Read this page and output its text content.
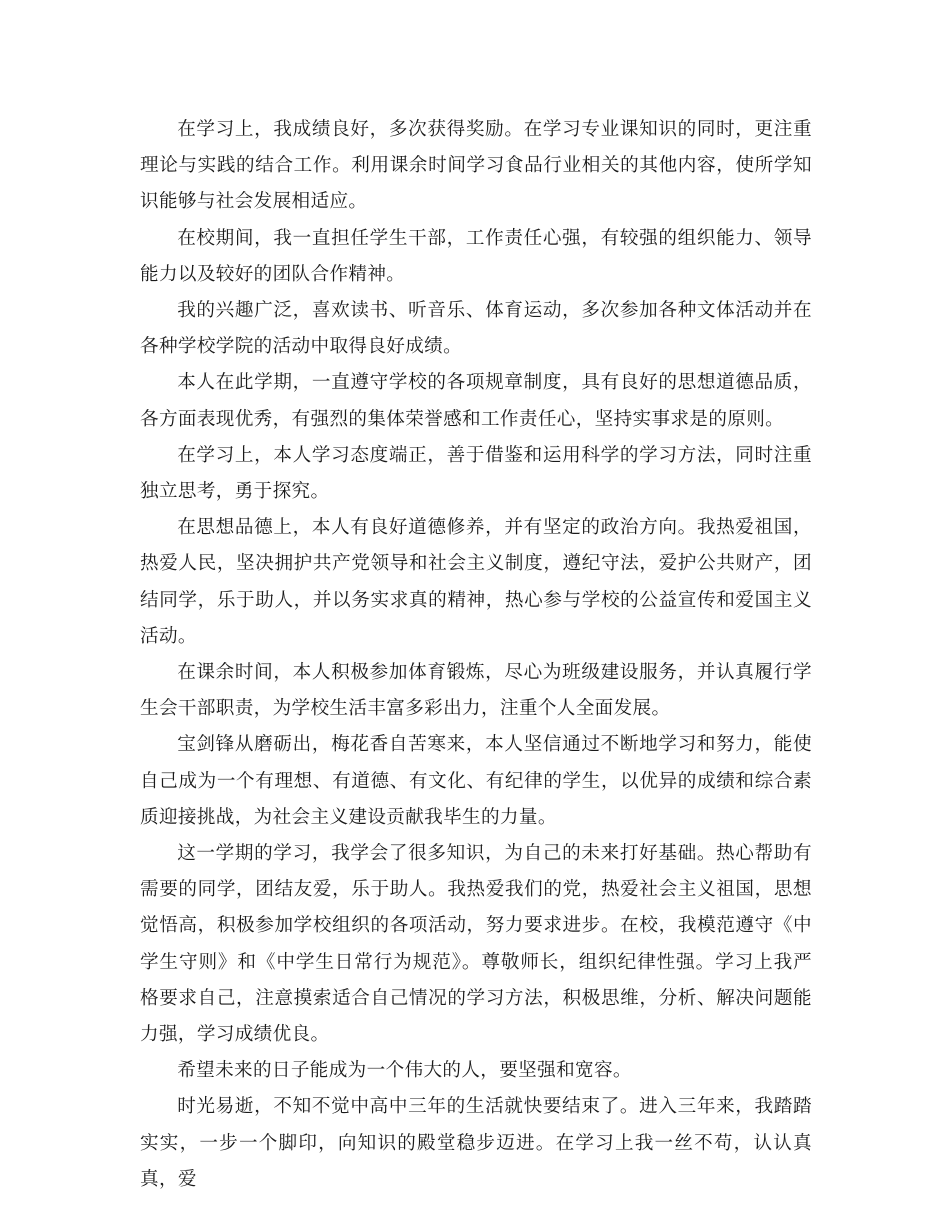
在学习上，我成绩良好，多次获得奖励。在学习专业课知识的同时，更注重理论与实践的结合工作。利用课余时间学习食品行业相关的其他内容，使所学知识能够与社会发展相适应。

在校期间，我一直担任学生干部，工作责任心强，有较强的组织能力、领导能力以及较好的团队合作精神。

我的兴趣广泛，喜欢读书、听音乐、体育运动，多次参加各种文体活动并在各种学校学院的活动中取得良好成绩。

本人在此学期，一直遵守学校的各项规章制度，具有良好的思想道德品质，各方面表现优秀，有强烈的集体荣誉感和工作责任心，坚持实事求是的原则。

在学习上，本人学习态度端正，善于借鉴和运用科学的学习方法，同时注重独立思考，勇于探究。

在思想品德上，本人有良好道德修养，并有坚定的政治方向。我热爱祖国，热爱人民，坚决拥护共产党领导和社会主义制度，遵纪守法，爱护公共财产，团结同学，乐于助人，并以务实求真的精神，热心参与学校的公益宣传和爱国主义活动。

在课余时间，本人积极参加体育锻炼，尽心为班级建设服务，并认真履行学生会干部职责，为学校生活丰富多彩出力，注重个人全面发展。

宝剑锋从磨砺出，梅花香自苦寒来，本人坚信通过不断地学习和努力，能使自己成为一个有理想、有道德、有文化、有纪律的学生，以优异的成绩和综合素质迎接挑战，为社会主义建设贡献我毕生的力量。

这一学期的学习，我学会了很多知识，为自己的未来打好基础。热心帮助有需要的同学，团结友爱，乐于助人。我热爱我们的党，热爱社会主义祖国，思想觉悟高，积极参加学校组织的各项活动，努力要求进步。在校，我模范遵守《中学生守则》和《中学生日常行为规范》。尊敬师长，组织纪律性强。学习上我严格要求自己，注意摸索适合自己情况的学习方法，积极思维，分析、解决问题能力强，学习成绩优良。

希望未来的日子能成为一个伟大的人，要坚强和宽容。

时光易逝，不知不觉中高中三年的生活就快要结束了。进入三年来，我踏踏实实，一步一个脚印，向知识的殿堂稳步迈进。在学习上我一丝不苟，认认真真，爱
